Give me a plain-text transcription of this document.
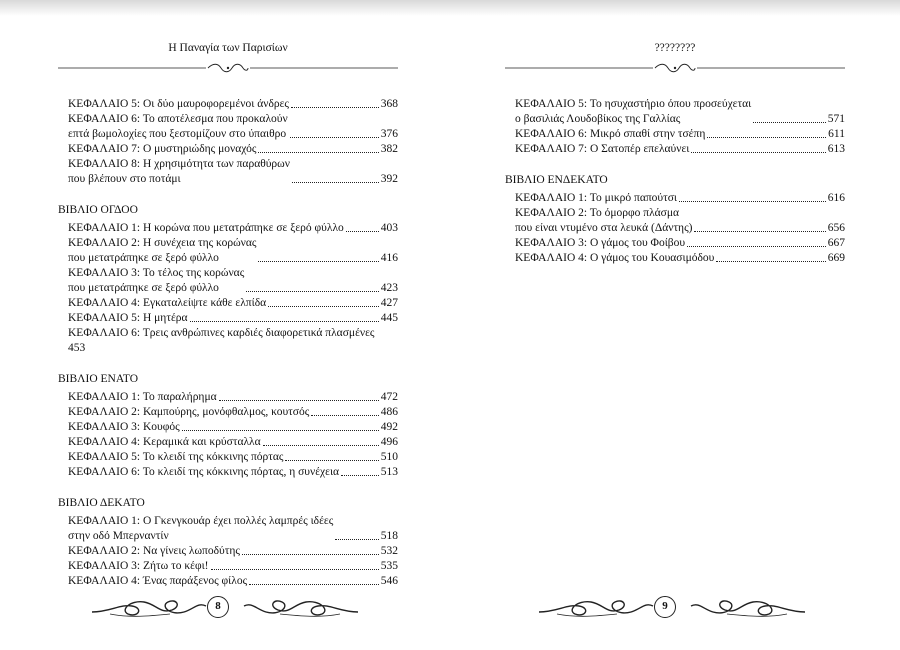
Η Παναγία των Παρισίων
ΚΕΦΑΛΑΙΟ 5: Οι δύο μαυροφορεμένοι άνδρες	368
ΚΕΦΑΛΑΙΟ 6: Το αποτέλεσμα που προκαλούν
επτά βωμολοχίες που ξεστομίζουν στο ύπαιθρο	376
ΚΕΦΑΛΑΙΟ 7: Ο μυστηριώδης μοναχός	382
ΚΕΦΑΛΑΙΟ 8: Η χρησιμότητα των παραθύρων
που βλέπουν στο ποτάμι	392
ΒΙΒΛΙΟ ΟΓΔΟΟ
ΚΕΦΑΛΑΙΟ 1: Η κορώνα που μετατράπηκε σε ξερό φύλλο	403
ΚΕΦΑΛΑΙΟ 2: Η συνέχεια της κορώνας
που μετατράπηκε σε ξερό φύλλο	416
ΚΕΦΑΛΑΙΟ 3: Το τέλος της κορώνας
που μετατράπηκε σε ξερό φύλλο	423
ΚΕΦΑΛΑΙΟ 4: Εγκαταλείψτε κάθε ελπίδα	427
ΚΕΦΑΛΑΙΟ 5: Η μητέρα	445
ΚΕΦΑΛΑΙΟ 6: Τρεις ανθρώπινες καρδιές διαφορετικά πλασμένες
453
ΒΙΒΛΙΟ ΕΝΑΤΟ
ΚΕΦΑΛΑΙΟ 1: Το παραλήρημα	472
ΚΕΦΑΛΑΙΟ 2: Καμπούρης, μονόφθαλμος, κουτσός	486
ΚΕΦΑΛΑΙΟ 3: Κουφός	492
ΚΕΦΑΛΑΙΟ 4: Κεραμικά και κρύσταλλα	496
ΚΕΦΑΛΑΙΟ 5: Το κλειδί της κόκκινης πόρτας	510
ΚΕΦΑΛΑΙΟ 6: Το κλειδί της κόκκινης πόρτας, η συνέχεια	513
ΒΙΒΛΙΟ ΔΕΚΑΤΟ
ΚΕΦΑΛΑΙΟ 1: Ο Γκενγκουάρ έχει πολλές λαμπρές ιδέες
στην οδό Μπερναντίν	518
ΚΕΦΑΛΑΙΟ 2: Να γίνεις λωποδύτης	532
ΚΕΦΑΛΑΙΟ 3: Ζήτω το κέφι!	535
ΚΕΦΑΛΑΙΟ 4: Ένας παράξενος φίλος	546
8
????????
ΚΕΦΑΛΑΙΟ 5: Το ησυχαστήριο όπου προσεύχεται
ο βασιλιάς Λουδοβίκος της Γαλλίας	571
ΚΕΦΑΛΑΙΟ 6: Μικρό σπαθί στην τσέπη	611
ΚΕΦΑΛΑΙΟ 7: Ο Σατοπέρ επελαύνει	613
ΒΙΒΛΙΟ ΕΝΔΕΚΑΤΟ
ΚΕΦΑΛΑΙΟ 1: Το μικρό παπούτσι	616
ΚΕΦΑΛΑΙΟ 2: Το όμορφο πλάσμα
που είναι ντυμένο στα λευκά (Δάντης)	656
ΚΕΦΑΛΑΙΟ 3: Ο γάμος του Φοίβου	667
ΚΕΦΑΛΑΙΟ 4: Ο γάμος του Κουασιμόδου	669
9
